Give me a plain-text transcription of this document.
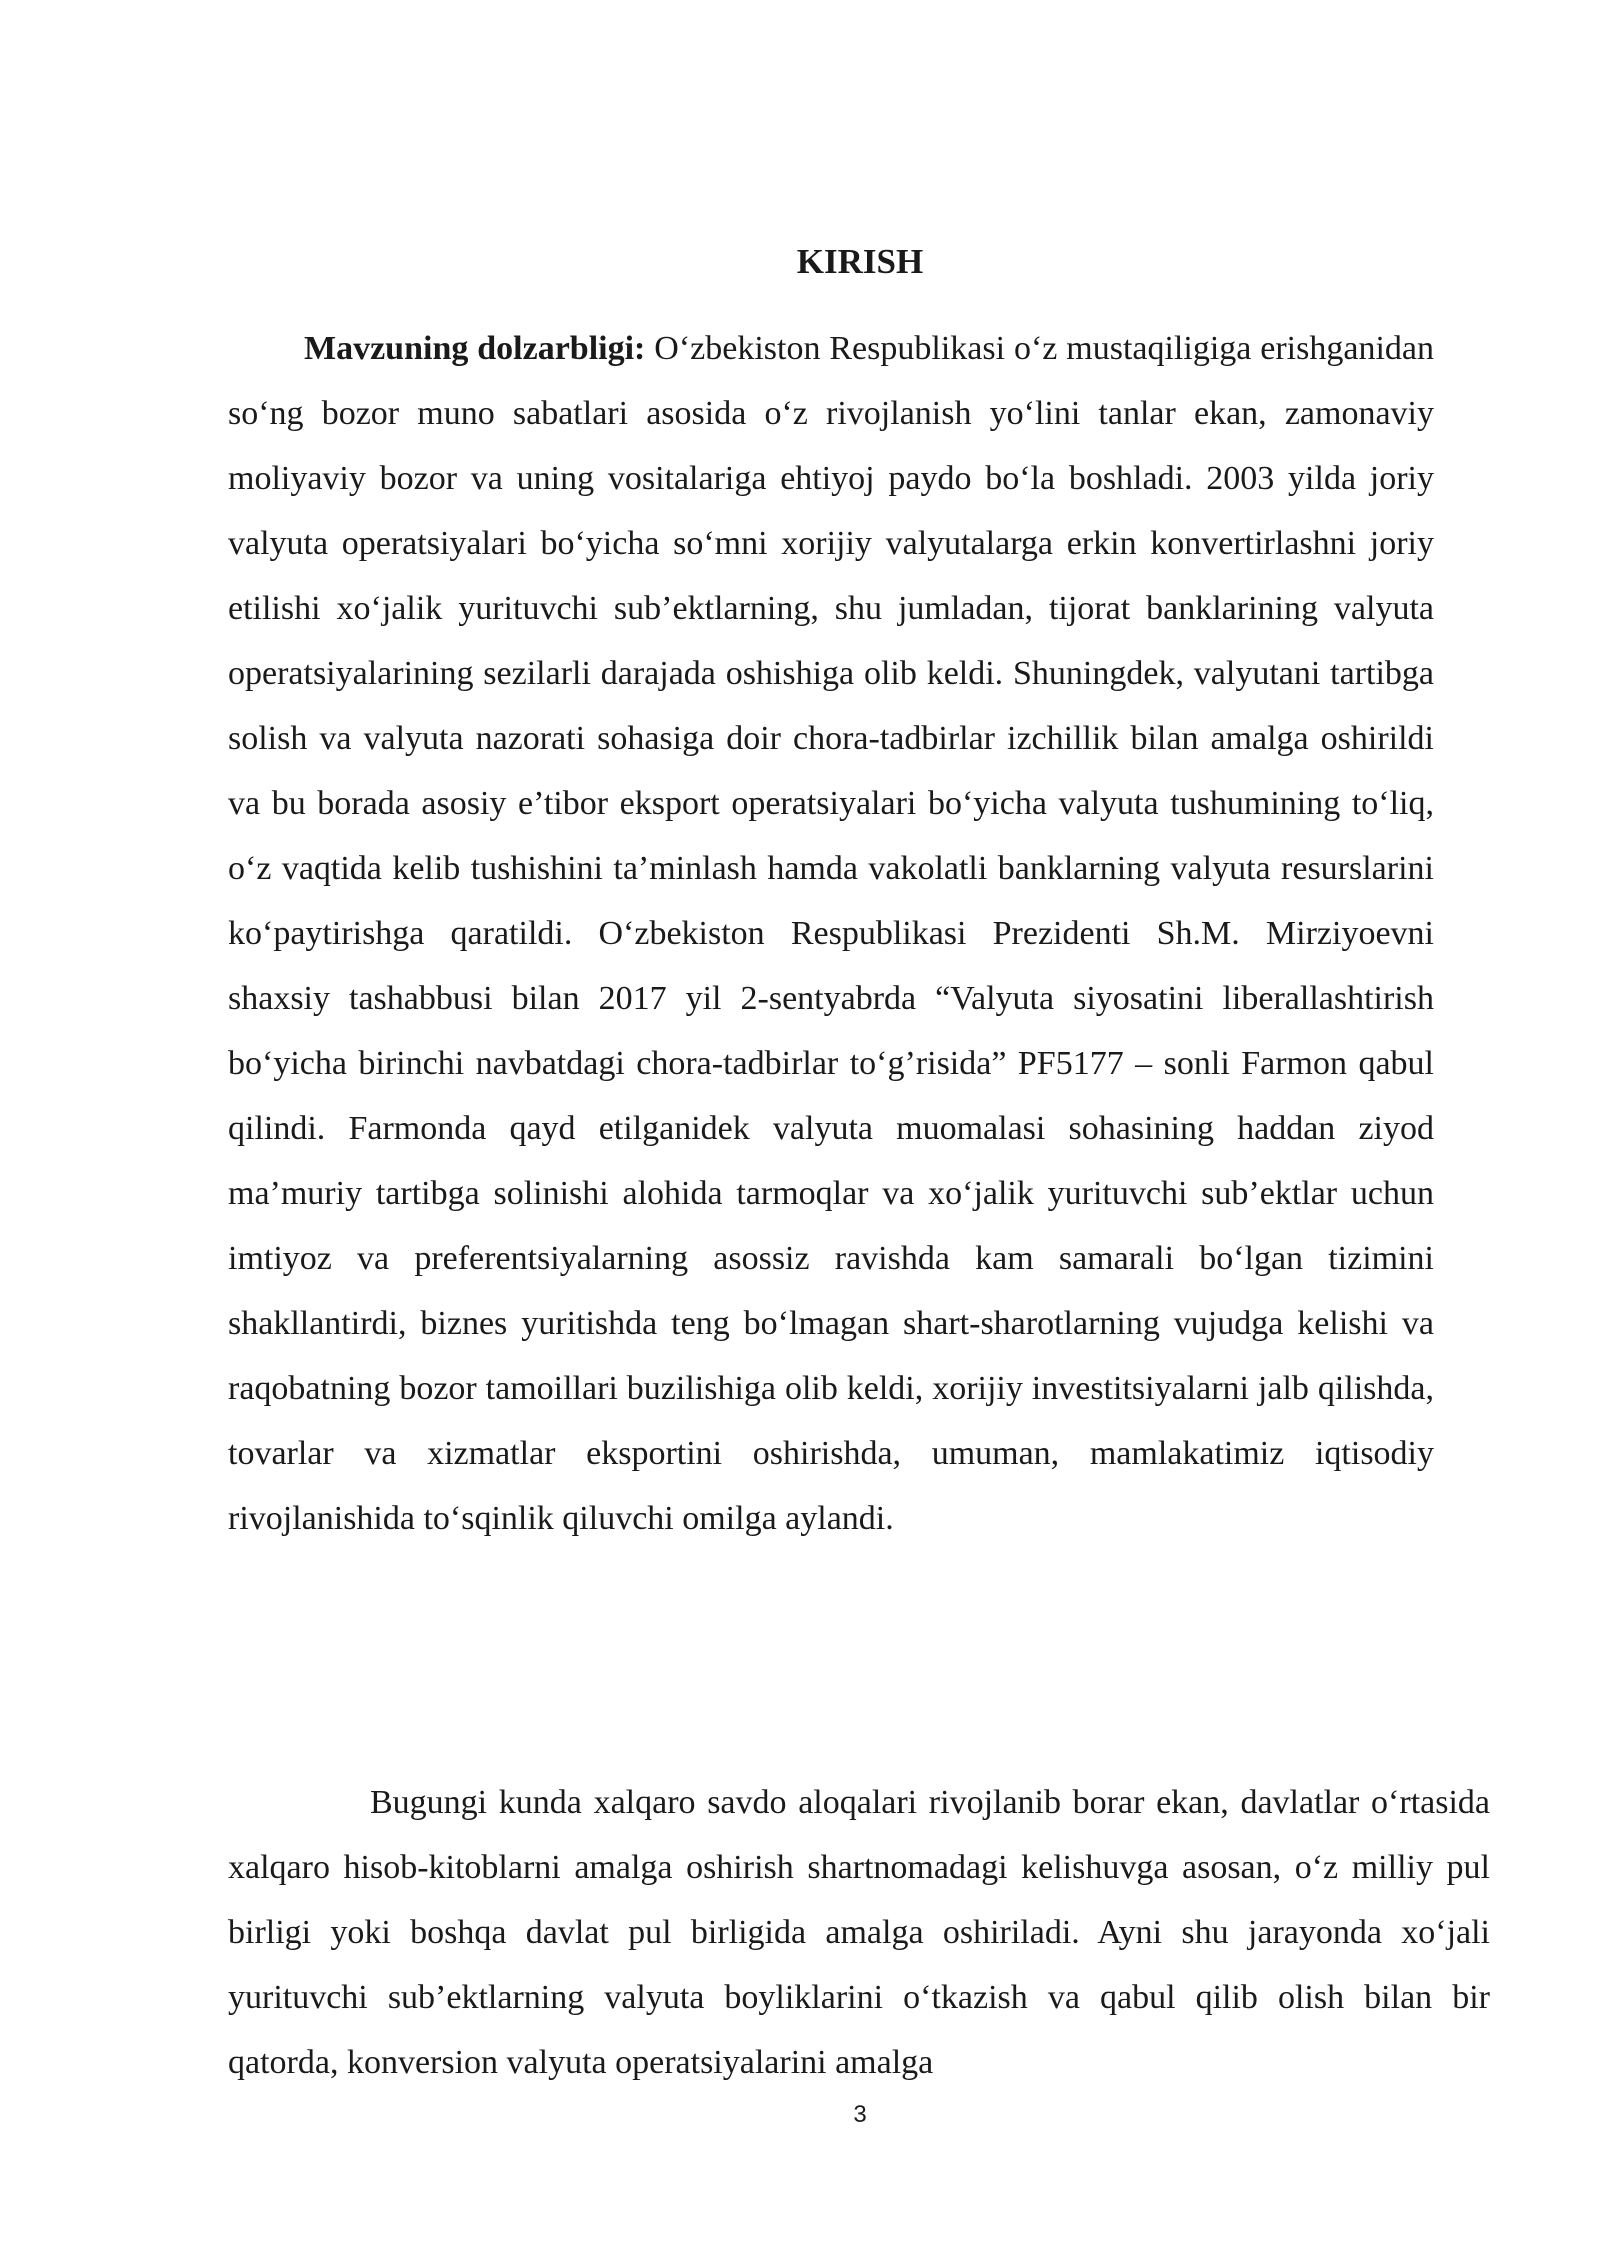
KIRISH

Mavzuning dolzarbligi: O‘zbekiston Respublikasi o‘z mustaqiligiga erishganidan so‘ng bozor muno sabatlari asosida o‘z rivojlanish yo‘lini tanlar ekan, zamonaviy moliyaviy bozor va uning vositalariga ehtiyoj paydo bo‘la boshladi. 2003 yilda joriy valyuta operatsiyalari bo‘yicha so‘mni xorijiy valyutalarga erkin konvertirlashni joriy etilishi xo‘jalik yurituvchi sub’ektlarning, shu jumladan, tijorat banklarining valyuta operatsiyalarining sezilarli darajada oshishiga olib keldi. Shuningdek, valyutani tartibga solish va valyuta nazorati sohasiga doir chora-tadbirlar izchillik bilan amalga oshirildi va bu borada asosiy e’tibor eksport operatsiyalari bo‘yicha valyuta tushumining to‘liq, o‘z vaqtida kelib tushishini ta’minlash hamda vakolatli banklarning valyuta resurslarini ko‘paytirishga qaratildi. O‘zbekiston Respublikasi Prezidenti Sh.M. Mirziyoevni shaxsiy tashabbusi bilan 2017 yil 2-sentyabrda “Valyuta siyosatini liberallashtirish bo‘yicha birinchi navbatdagi chora-tadbirlar to‘g’risida” PF5177 – sonli Farmon qabul qilindi. Farmonda qayd etilganidek valyuta muomalasi sohasining haddan ziyod ma’muriy tartibga solinishi alohida tarmoqlar va xo‘jalik yurituvchi sub’ektlar uchun imtiyoz va preferentsiyalarning asossiz ravishda kam samarali bo‘lgan tizimini shakllantirdi, biznes yuritishda teng bo‘lmagan shart-sharotlarning vujudga kelishi va raqobatning bozor tamoillari buzilishiga olib keldi, xorijiy investitsiyalarni jalb qilishda, tovarlar va xizmatlar eksportini oshirishda, umuman, mamlakatimiz iqtisodiy rivojlanishida to‘sqinlik qiluvchi omilga aylandi.

Bugungi kunda xalqaro savdo aloqalari rivojlanib borar ekan, davlatlar o‘rtasida xalqaro hisob-kitoblarni amalga oshirish shartnomadagi kelishuvga asosan, o‘z milliy pul birligi yoki boshqa davlat pul birligida amalga oshiriladi. Ayni shu jarayonda xo‘jali yurituvchi sub’ektlarning valyuta boyliklarini o‘tkazish va qabul qilib olish bilan bir qatorda, konversion valyuta operatsiyalarini amalga

3
